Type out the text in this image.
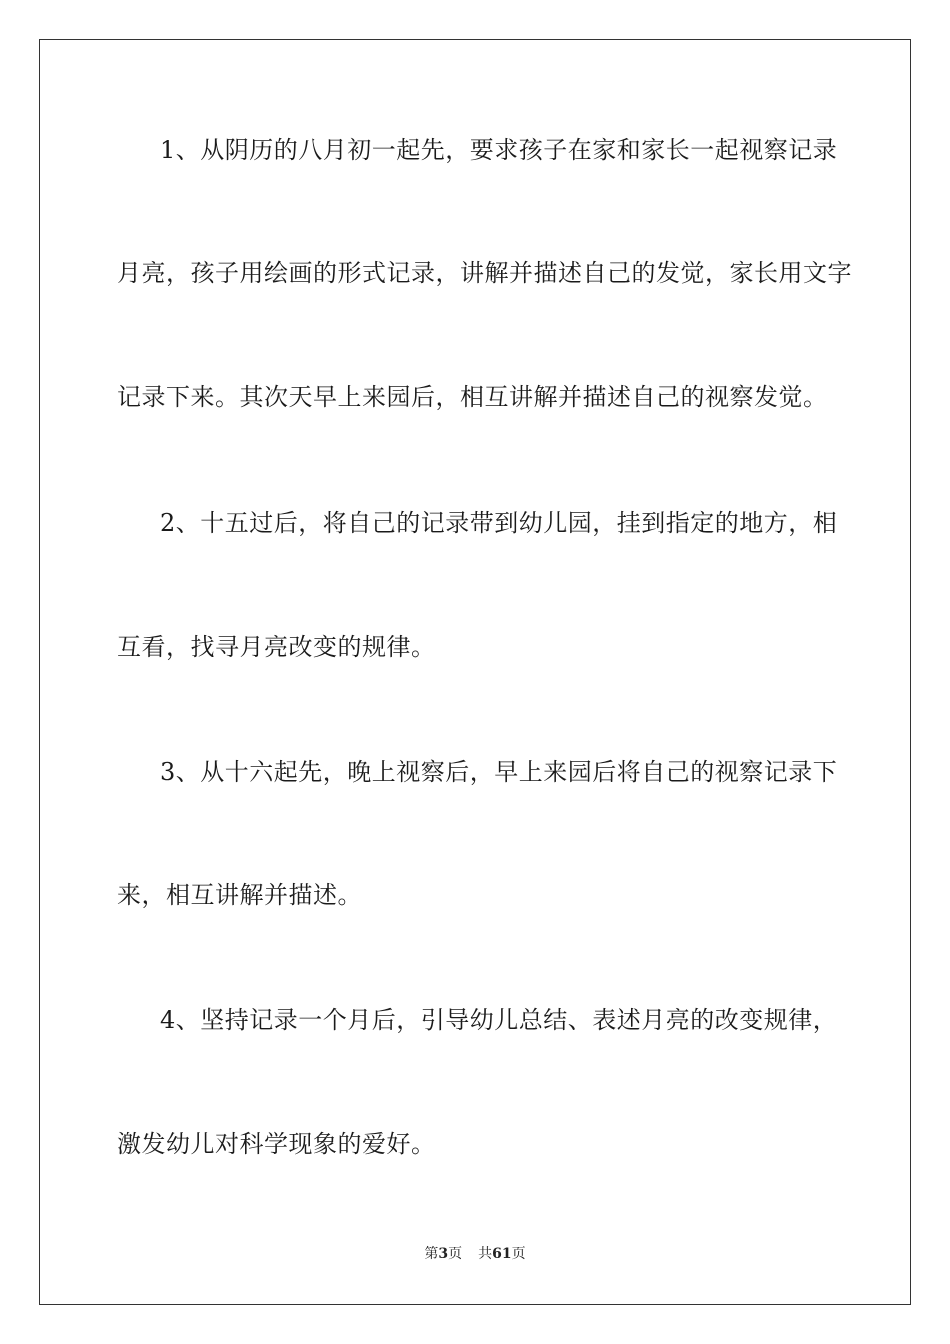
1、从阴历的八月初一起先，要求孩子在家和家长一起视察记录
月亮，孩子用绘画的形式记录，讲解并描述自己的发觉，家长用文字
记录下来。其次天早上来园后，相互讲解并描述自己的视察发觉。
2、十五过后，将自己的记录带到幼儿园，挂到指定的地方，相
互看，找寻月亮改变的规律。
3、从十六起先，晚上视察后，早上来园后将自己的视察记录下
来，相互讲解并描述。
4、坚持记录一个月后，引导幼儿总结、表述月亮的改变规律，
激发幼儿对科学现象的爱好。
第3页 共61页
